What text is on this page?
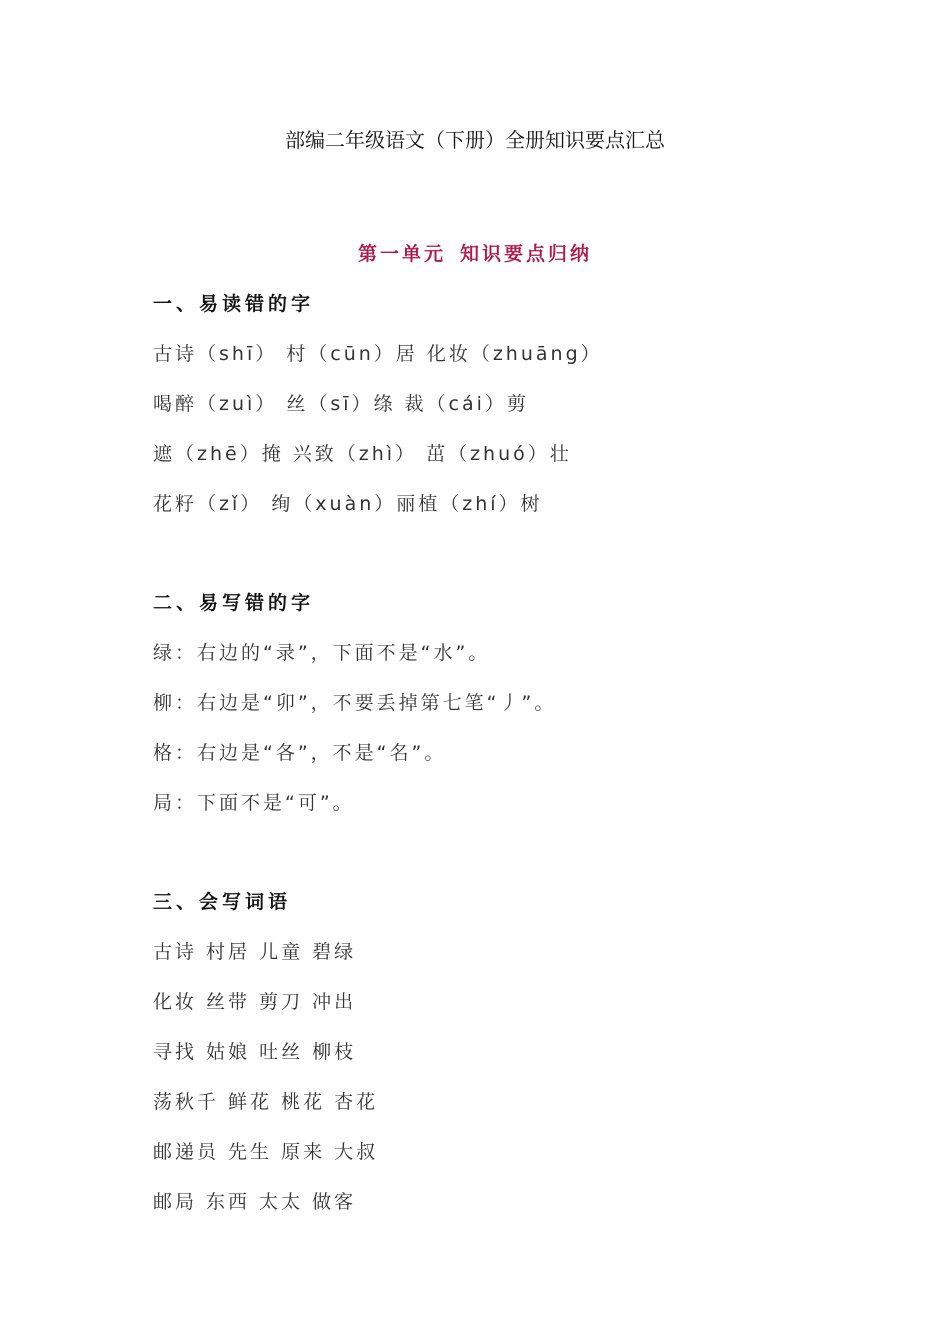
部编二年级语文（下册）全册知识要点汇总
第一单元 知识要点归纳
一、易读错的字
古诗（shī） 村（cūn）居 化妆（zhuāng）
喝醉（zuì） 丝（sī）绦 裁（cái）剪
遮（zhē）掩 兴致（zhì） 茁（zhuó）壮
花籽（zǐ） 绚（xuàn）丽植（zhí）树
二、易写错的字
绿：右边的“录”，下面不是“水”。
柳：右边是“卯”，不要丢掉第七笔“丿”。
格：右边是“各”，不是“名”。
局：下面不是“可”。
三、会写词语
古诗 村居 儿童 碧绿
化妆 丝带 剪刀 冲出
寻找 姑娘 吐丝 柳枝
荡秋千 鲜花 桃花 杏花
邮递员 先生 原来 大叔
邮局 东西 太太 做客
